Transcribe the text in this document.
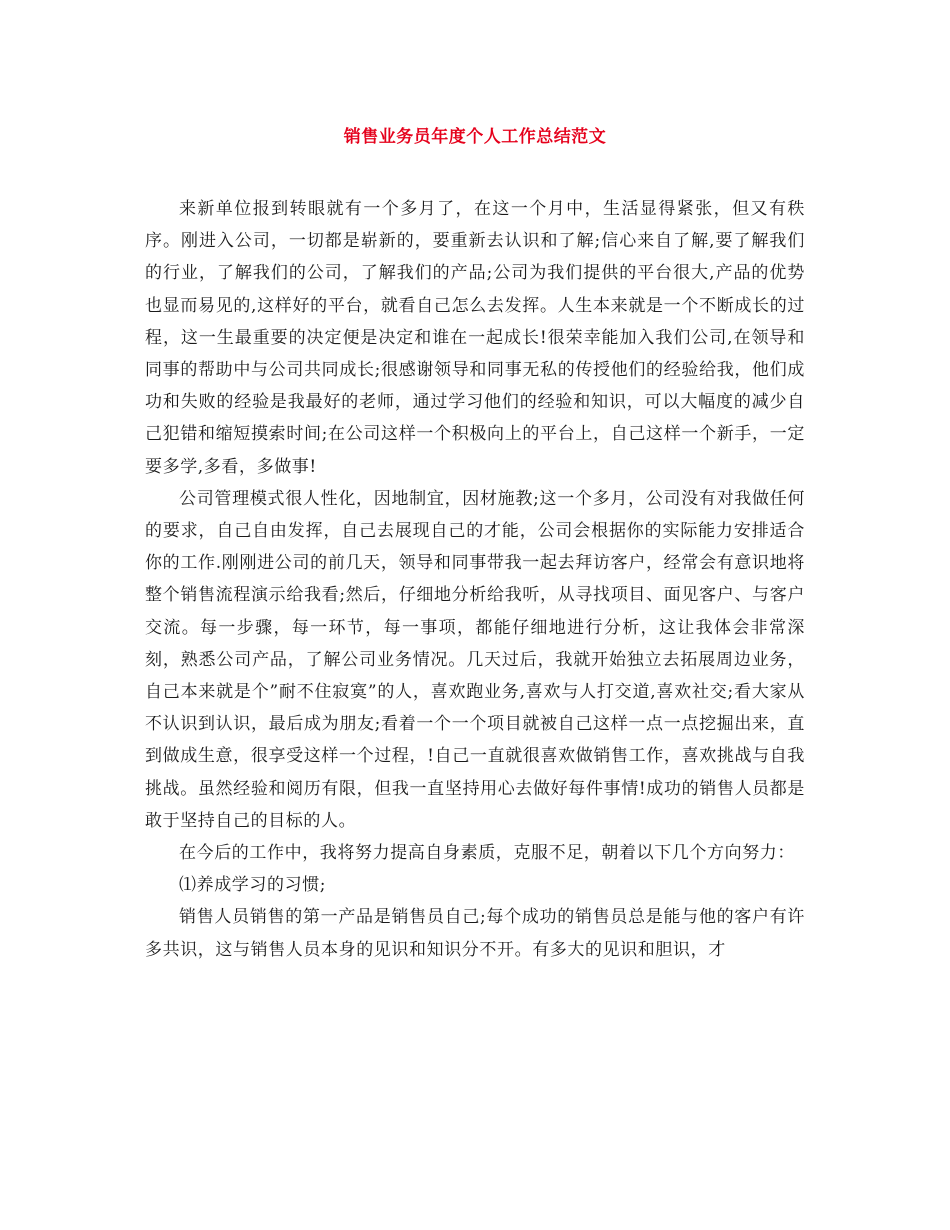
销售业务员年度个人工作总结范文

来新单位报到转眼就有一个多月了，在这一个月中，生活显得紧张，但又有秩序。刚进入公司，一切都是崭新的，要重新去认识和了解;信心来自了解,要了解我们的行业，了解我们的公司，了解我们的产品;公司为我们提供的平台很大,产品的优势也显而易见的,这样好的平台，就看自己怎么去发挥。人生本来就是一个不断成长的过程，这一生最重要的决定便是决定和谁在一起成长!很荣幸能加入我们公司,在领导和同事的帮助中与公司共同成长;很感谢领导和同事无私的传授他们的经验给我，他们成功和失败的经验是我最好的老师，通过学习他们的经验和知识，可以大幅度的减少自己犯错和缩短摸索时间;在公司这样一个积极向上的平台上，自己这样一个新手，一定要多学,多看，多做事!

公司管理模式很人性化，因地制宜，因材施教;这一个多月，公司没有对我做任何的要求，自己自由发挥，自己去展现自己的才能，公司会根据你的实际能力安排适合你的工作.刚刚进公司的前几天，领导和同事带我一起去拜访客户，经常会有意识地将整个销售流程演示给我看;然后，仔细地分析给我听，从寻找项目、面见客户、与客户交流。每一步骤，每一环节，每一事项，都能仔细地进行分析，这让我体会非常深刻，熟悉公司产品，了解公司业务情况。几天过后，我就开始独立去拓展周边业务，自己本来就是个”耐不住寂寞”的人，喜欢跑业务,喜欢与人打交道,喜欢社交;看大家从不认识到认识，最后成为朋友;看着一个一个项目就被自己这样一点一点挖掘出来，直到做成生意，很享受这样一个过程，!自己一直就很喜欢做销售工作，喜欢挑战与自我挑战。虽然经验和阅历有限，但我一直坚持用心去做好每件事情!成功的销售人员都是敢于坚持自己的目标的人。

在今后的工作中，我将努力提高自身素质，克服不足，朝着以下几个方向努力：

⑴养成学习的习惯;

销售人员销售的第一产品是销售员自己;每个成功的销售员总是能与他的客户有许多共识，这与销售人员本身的见识和知识分不开。有多大的见识和胆识，才
